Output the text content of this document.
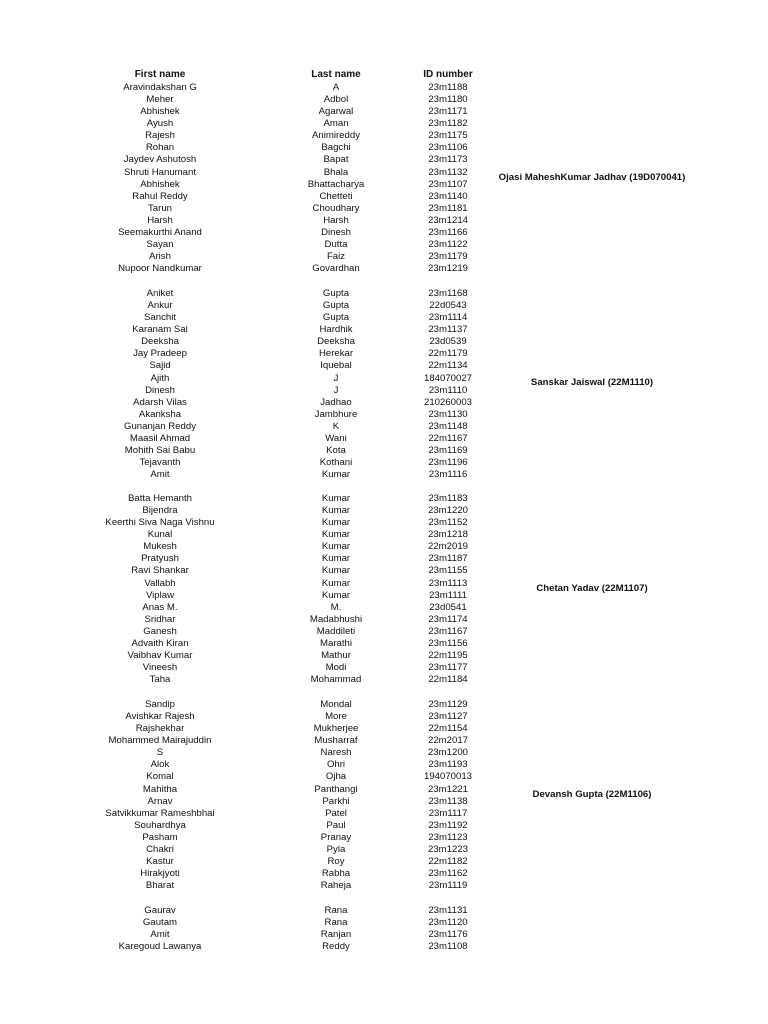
First name	Last name	ID number
Aravindakshan G	A	23m1188
Meher	Adbol	23m1180
Abhishek	Agarwal	23m1171
Ayush	Aman	23m1182
Rajesh	Animireddy	23m1175
Rohan	Bagchi	23m1106
Jaydev Ashutosh	Bapat	23m1173
Shruti Hanumant	Bhala	23m1132
Abhishek	Bhattacharya	23m1107
Rahul Reddy	Chetteti	23m1140
Tarun	Choudhary	23m1181
Harsh	Harsh	23m1214
Seemakurthi Anand	Dinesh	23m1166
Sayan	Dutta	23m1122
Arish	Faiz	23m1179
Nupoor Nandkumar	Govardhan	23m1219
Ojasi MaheshKumar Jadhav (19D070041)
Aniket	Gupta	23m1168
Ankur	Gupta	22d0543
Sanchit	Gupta	23m1114
Karanam Sai	Hardhik	23m1137
Deeksha	Deeksha	23d0539
Jay Pradeep	Herekar	22m1179
Sajid	Iquebal	22m1134
Ajith	J	184070027
Dinesh	J	23m1110
Adarsh Vilas	Jadhao	210260003
Akanksha	Jambhure	23m1130
Gunanjan Reddy	K	23m1148
Maasil Ahmad	Wani	22m1167
Mohith Sai Babu	Kota	23m1169
Tejavanth	Kothani	23m1196
Amit	Kumar	23m1116
Sanskar Jaiswal (22M1110)
Batta Hemanth	Kumar	23m1183
Bijendra	Kumar	23m1220
Keerthi Siva Naga Vishnu	Kumar	23m1152
Kunal	Kumar	23m1218
Mukesh	Kumar	22m2019
Pratyush	Kumar	23m1187
Ravi Shankar	Kumar	23m1155
Vallabh	Kumar	23m1113
Viplaw	Kumar	23m1111
Anas M.	M.	23d0541
Sridhar	Madabhushi	23m1174
Ganesh	Maddileti	23m1167
Advaith Kiran	Marathi	23m1156
Vaibhav Kumar	Mathur	22m1195
Vineesh	Modi	23m1177
Taha	Mohammad	22m1184
Chetan Yadav (22M1107)
Sandip	Mondal	23m1129
Avishkar Rajesh	More	23m1127
Rajshekhar	Mukherjee	22m1154
Mohammed Mairajuddin	Musharraf	22m2017
S	Naresh	23m1200
Alok	Ohri	23m1193
Komal	Ojha	194070013
Mahitha	Panthangi	23m1221
Arnav	Parkhi	23m1138
Satvikkumar Rameshbhai	Patel	23m1117
Souhardhya	Paul	23m1192
Pasham	Pranay	23m1123
Chakri	Pyla	23m1223
Kastur	Roy	22m1182
Hirakjyoti	Rabha	23m1162
Bharat	Raheja	23m1119
Devansh Gupta (22M1106)
Gaurav	Rana	23m1131
Gautam	Rana	23m1120
Amit	Ranjan	23m1176
Karegoud Lawanya	Reddy	23m1108
